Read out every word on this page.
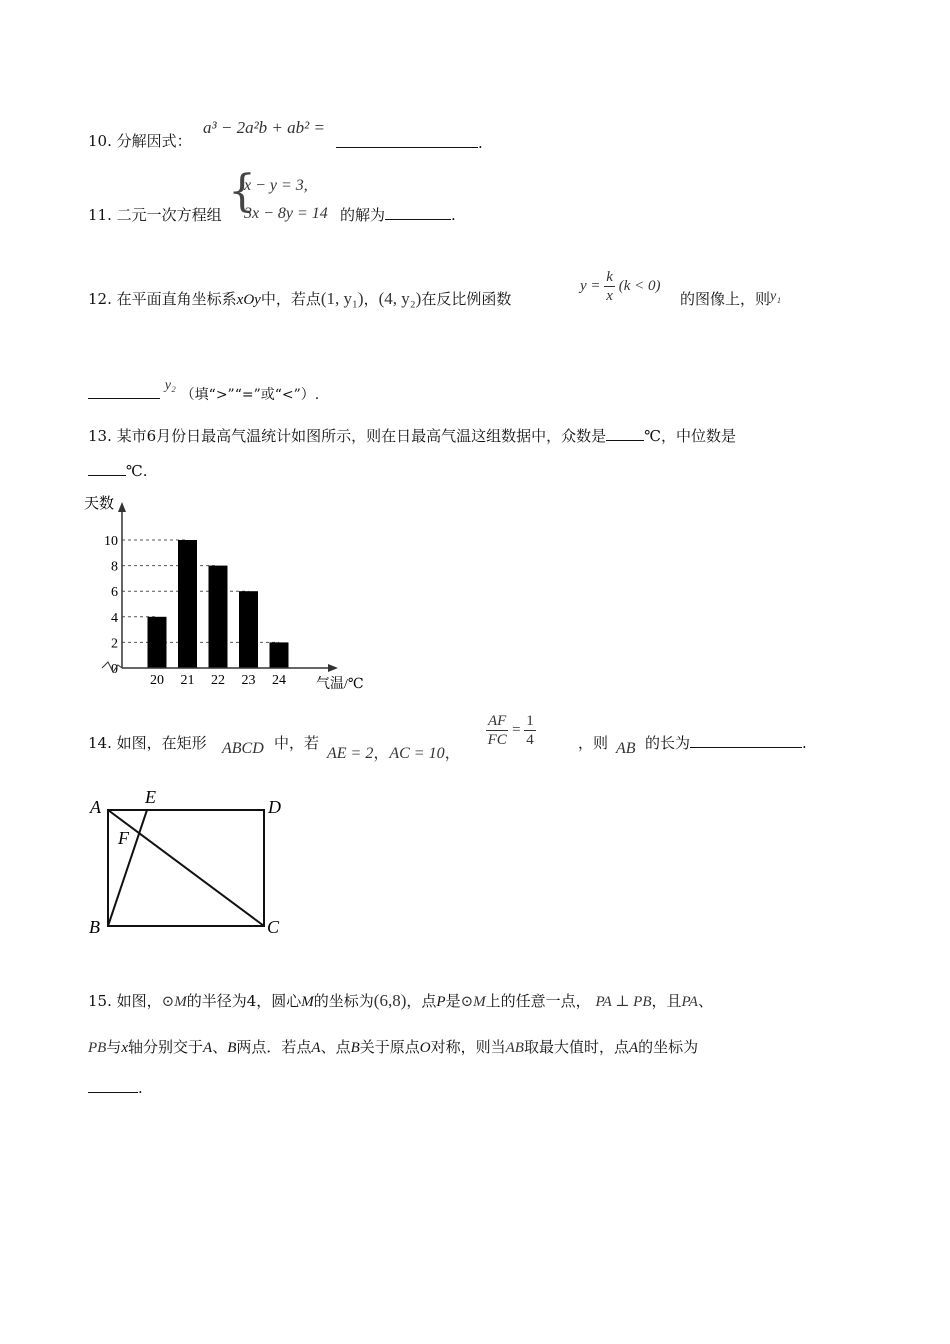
10. 分解因式：
a³ − 2a²b + ab² =
.
11. 二元一次方程组 {
x − y = 3,
3x − 8y = 14 的解为	.
12. 在平面直角坐标系xOy中，若点(1, y₁)，(4, y₂)在反比例函数
$y = \frac{k}{x} (k < 0)$
的图像上，则y₁
y₂ （填“>”“=”或“<”）.
13. 某市6月份日最高气温统计如图所示，则在日最高气温这组数据中，众数是	℃，中位数是
℃.
20 21 22 23 24
0
2
4
6
8
10
天数
气温/℃
14. 如图，在矩形 ABCD 中，若
AE = 2，AC = 10，
$\frac{AF}{FC} = \frac{1}{4}$	，则 AB 的长为	.
A E	D
F
B	C
15. 如图，⊙M的半径为4，圆心M的坐标为(6,8)，点P是⊙M上的任意一点， PA ⊥ PB，且PA、
PB与x轴分别交于A、B两点．若点A、点B关于原点O对称，则当AB取最大值时，点A的坐标为
.
